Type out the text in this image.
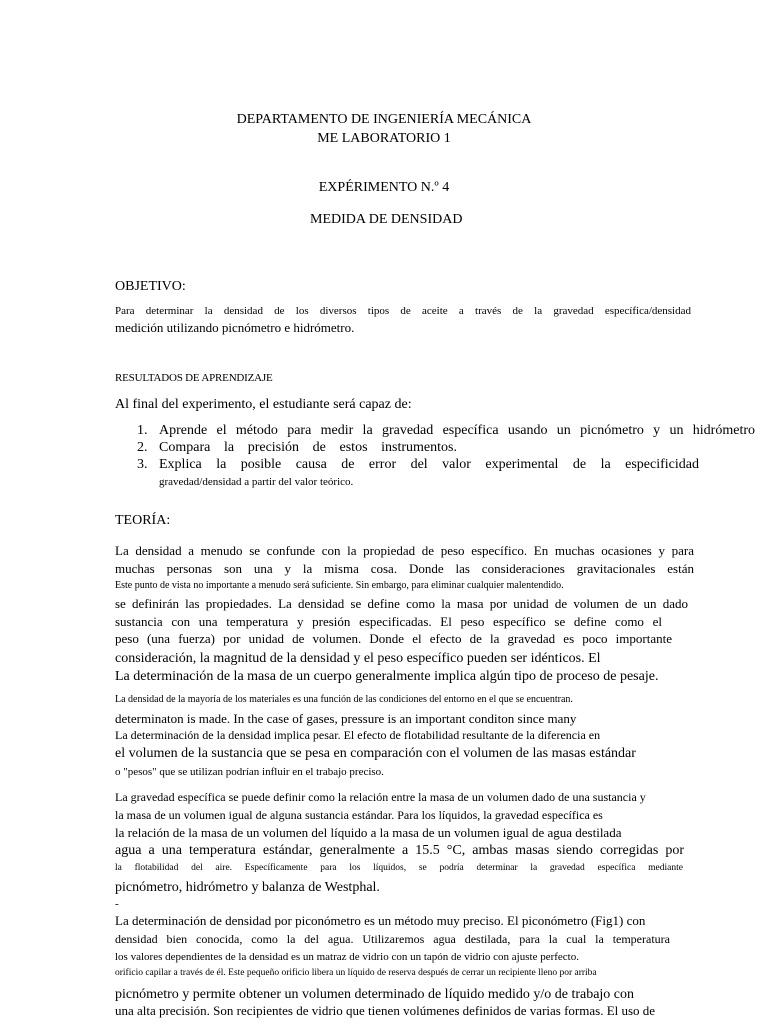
DEPARTAMENTO DE INGENIERÍA MECÁNICA
ME LABORATORIO 1
EXPÉRIMENTO N.º 4
MEDIDA DE DENSIDAD
OBJETIVO:
Para determinar la densidad de los diversos tipos de aceite a través de la gravedad específica/densidad
medición utilizando picnómetro e hidrómetro.
RESULTADOS DE APRENDIZAJE
Al final del experimento, el estudiante será capaz de:
1. Aprende el método para medir la gravedad específica usando un picnómetro y un hidrómetro
2. Compara la precisión de estos instrumentos.
3. Explica la posible causa de error del valor experimental de la especificidad
gravedad/densidad a partir del valor teórico.
TEORÍA:
La densidad a menudo se confunde con la propiedad de peso específico. En muchas ocasiones y para
muchas personas son una y la misma cosa. Donde las consideraciones gravitacionales están
Este punto de vista no importante a menudo será suficiente. Sin embargo, para eliminar cualquier malentendido.
se definirán las propiedades. La densidad se define como la masa por unidad de volumen de un dado
sustancia con una temperatura y presión especificadas. El peso específico se define como el
peso (una fuerza) por unidad de volumen. Donde el efecto de la gravedad es poco importante
consideración, la magnitud de la densidad y el peso específico pueden ser idénticos. El
La determinación de la masa de un cuerpo generalmente implica algún tipo de proceso de pesaje.
La densidad de la mayoría de los materiales es una función de las condiciones del entorno en el que se encuentran.
determinaton is made. In the case of gases, pressure is an important conditon since many
La determinación de la densidad implica pesar. El efecto de flotabilidad resultante de la diferencia en
el volumen de la sustancia que se pesa en comparación con el volumen de las masas estándar
o "pesos" que se utilizan podrían influir en el trabajo preciso.
La gravedad específica se puede definir como la relación entre la masa de un volumen dado de una sustancia y
la masa de un volumen igual de alguna sustancia estándar. Para los líquidos, la gravedad específica es
la relación de la masa de un volumen del líquido a la masa de un volumen igual de agua destilada
agua a una temperatura estándar, generalmente a 15.5 °C, ambas masas siendo corregidas por
la flotabilidad del aire. Específicamente para los líquidos, se podría determinar la gravedad específica mediante
picnómetro, hidrómetro y balanza de Westphal.
-
La determinación de densidad por piconómetro es un método muy preciso. El piconómetro (Fig1) con
densidad bien conocida, como la del agua. Utilizaremos agua destilada, para la cual la temperatura
los valores dependientes de la densidad es un matraz de vidrio con un tapón de vidrio con ajuste perfecto.
orificio capilar a través de él. Este pequeño orificio libera un líquido de reserva después de cerrar un recipiente lleno por arriba
picnómetro y permite obtener un volumen determinado de líquido medido y/o de trabajo con
una alta precisión. Son recipientes de vidrio que tienen volúmenes definidos de varias formas. El uso de
